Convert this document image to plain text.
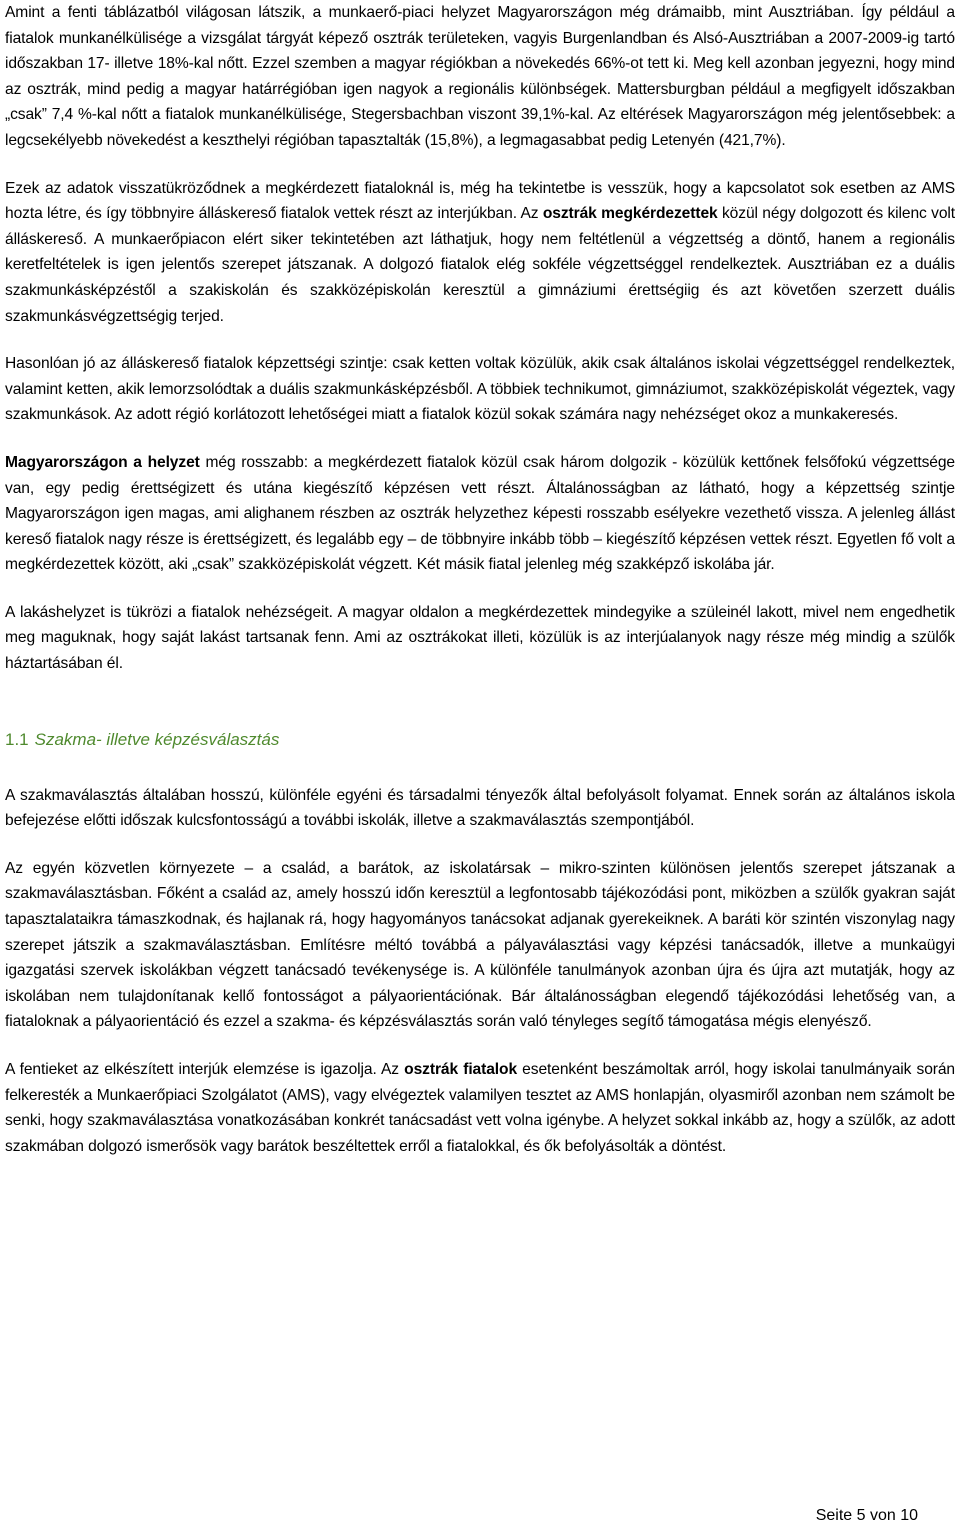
Amint a fenti táblázatból világosan látszik, a munkaerő-piaci helyzet Magyarországon még drámaibb, mint Ausztriában. Így például a fiatalok munkanélkülisége a vizsgálat tárgyát képező osztrák területeken, vagyis Burgenlandban és Alsó-Ausztriában a 2007-2009-ig tartó időszakban 17- illetve 18%-kal nőtt. Ezzel szemben a magyar régiókban a növekedés 66%-ot tett ki. Meg kell azonban jegyezni, hogy mind az osztrák, mind pedig a magyar határrégióban igen nagyok a regionális különbségek. Mattersburgban például a megfigyelt időszakban „csak” 7,4 %-kal nőtt a fiatalok munkanélkülisége, Stegersbachban viszont 39,1%-kal. Az eltérések Magyarországon még jelentősebbek: a legcsekélyebb növekedést a keszthelyi régióban tapasztalták (15,8%), a legmagasabbat pedig Letenyén (421,7%).

Ezek az adatok visszatükröződnek a megkérdezett fiataloknál is, még ha tekintetbe is vesszük, hogy a kapcsolatot sok esetben az AMS hozta létre, és így többnyire álláskereső fiatalok vettek részt az interjúkban. Az osztrák megkérdezettek közül négy dolgozott és kilenc volt álláskereső. A munkaerőpiacon elért siker tekintetében azt láthatjuk, hogy nem feltétlenül a végzettség a döntő, hanem a regionális keretfeltételek is igen jelentős szerepet játszanak. A dolgozó fiatalok elég sokféle végzettséggel rendelkeztek. Ausztriában ez a duális szakmunkásképzéstől a szakiskolán és szakközépiskolán keresztül a gimnáziumi érettségiig és azt követően szerzett duális szakmunkásvégzettségig terjed.

Hasonlóan jó az álláskereső fiatalok képzettségi szintje: csak ketten voltak közülük, akik csak általános iskolai végzettséggel rendelkeztek, valamint ketten, akik lemorzsolódtak a duális szakmunkásképzésből. A többiek technikumot, gimnáziumot, szakközépiskolát végeztek, vagy szakmunkások. Az adott régió korlátozott lehetőségei miatt a fiatalok közül sokak számára nagy nehézséget okoz a munkakeresés.

Magyarországon a helyzet még rosszabb: a megkérdezett fiatalok közül csak három dolgozik - közülük kettőnek felsőfokú végzettsége van, egy pedig érettségizett és utána kiegészítő képzésen vett részt. Általánosságban az látható, hogy a képzettség szintje Magyarországon igen magas, ami alighanem részben az osztrák helyzethez képesti rosszabb esélyekre vezethető vissza. A jelenleg állást kereső fiatalok nagy része is érettségizett, és legalább egy – de többnyire inkább több – kiegészítő képzésen vettek részt. Egyetlen fő volt a megkérdezettek között, aki „csak” szakközépiskolát végzett. Két másik fiatal jelenleg még szakképző iskolába jár.

A lakáshelyzet is tükrözi a fiatalok nehézségeit. A magyar oldalon a megkérdezettek mindegyike a szüleinél lakott, mivel nem engedhetik meg maguknak, hogy saját lakást tartsanak fenn. Ami az osztrákokat illeti, közülük is az interjúalanyok nagy része még mindig a szülők háztartásában él.

1.1 Szakma- illetve képzésválasztás

A szakmaválasztás általában hosszú, különféle egyéni és társadalmi tényezők által befolyásolt folyamat. Ennek során az általános iskola befejezése előtti időszak kulcsfontosságú a további iskolák, illetve a szakmaválasztás szempontjából.

Az egyén közvetlen környezete – a család, a barátok, az iskolatársak – mikro-szinten különösen jelentős szerepet játszanak a szakmaválasztásban. Főként a család az, amely hosszú időn keresztül a legfontosabb tájékozódási pont, miközben a szülők gyakran saját tapasztalataikra támaszkodnak, és hajlanak rá, hogy hagyományos tanácsokat adjanak gyerekeiknek. A baráti kör szintén viszonylag nagy szerepet játszik a szakmaválasztásban. Említésre méltó továbbá a pályaválasztási vagy képzési tanácsadók, illetve a munkaügyi igazgatási szervek iskolákban végzett tanácsadó tevékenysége is. A különféle tanulmányok azonban újra és újra azt mutatják, hogy az iskolában nem tulajdonítanak kellő fontosságot a pályaorientációnak. Bár általánosságban elegendő tájékozódási lehetőség van, a fiataloknak a pályaorientáció és ezzel a szakma- és képzésválasztás során való tényleges segítő támogatása mégis elenyésző.

A fentieket az elkészített interjúk elemzése is igazolja. Az osztrák fiatalok esetenként beszámoltak arról, hogy iskolai tanulmányaik során felkeresték a Munkaerőpiaci Szolgálatot (AMS), vagy elvégeztek valamilyen tesztet az AMS honlapján, olyasmiről azonban nem számolt be senki, hogy szakmaválasztása vonatkozásában konkrét tanácsadást vett volna igénybe. A helyzet sokkal inkább az, hogy a szülők, az adott szakmában dolgozó ismerősök vagy barátok beszéltettek erről a fiatalokkal, és ők befolyásolták a döntést.

Seite 5 von 10
